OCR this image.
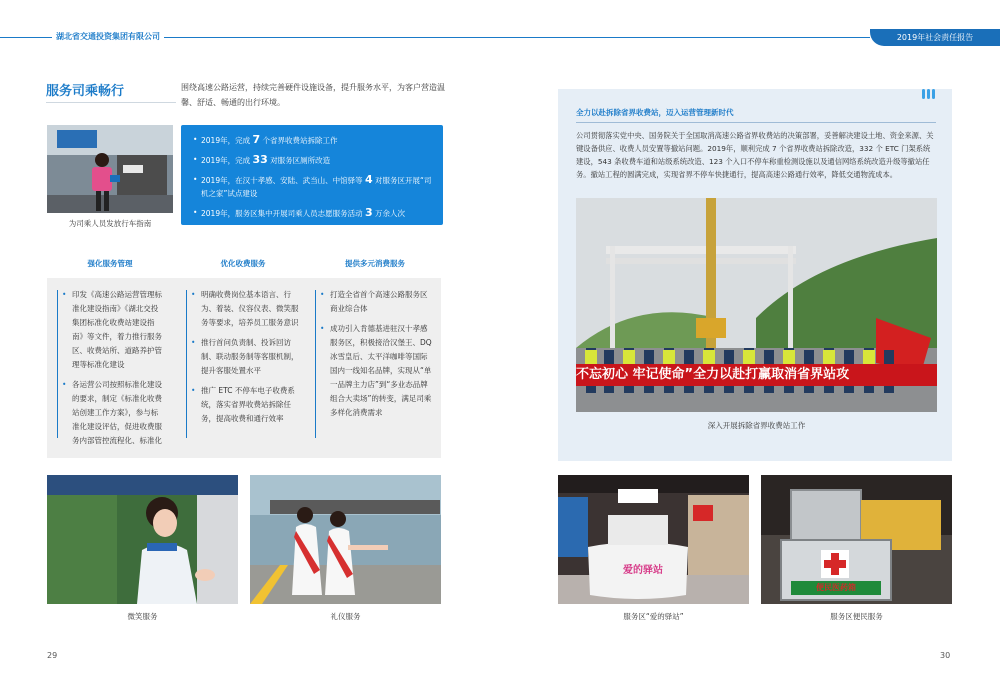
湖北省交通投资集团有限公司	2019年社会责任报告
服务司乘畅行	围绕高速公路运营，持续完善硬件设施设备，提升服务水平，为客户营造温馨、舒适、畅通的出行环境。
为司乘人员发放行车指南
• 2019年，完成 7 个省界收费站拆除工作
• 2019年，完成 33 对服务区厕所改造
• 2019年，在汉十孝感、安陆、武当山、中馆驿等 4 对服务区开展“司机之家”试点建设
• 2019年，服务区集中开展司乘人员志愿服务活动 3 万余人次
强化服务管理	优化收费服务	提供多元消费服务
• 印发《高速公路运营管理标准化建设指南》《湖北交投集团标准化收费站建设指南》等文件，着力推行服务区、收费站所、道路养护管理等标准化建设
• 各运营公司按照标准化建设的要求，制定《标准化收费站创建工作方案》，参与标准化建设评估，促进收费服务内部管控流程化、标准化
• 明确收费岗位基本语言、行为、着装、仪容仪表、微笑服务等要求，培养员工服务意识
• 推行首问负责制、投诉回访制、联动服务制等客服机制，提升客服处置水平
• 推广 ETC 不停车电子收费系统，落实省界收费站拆除任务，提高收费和通行效率
• 打造全省首个高速公路服务区商业综合体
• 成功引入肯德基进驻汉十孝感服务区，积极接洽汉堡王、DQ 冰雪皇后、太平洋咖啡等国际国内一线知名品牌，实现从“单一品牌主力店”到“多业态品牌组合大卖场”的转变，满足司乘多样化消费需求
微笑服务	礼仪服务
29
全力以赴拆除省界收费站，迈入运营管理新时代
公司贯彻落实党中央、国务院关于全国取消高速公路省界收费站的决策部署，妥善解决建设土地、资金来源、关键设备供应、收费人员安置等撤站问题。2019年，顺利完成 7 个省界收费站拆除改造，332 个 ETC 门架系统建设，543 条收费车道和站级系统改造、123 个入口不停车称重检测设施以及通信网络系统改造升级等撤站任务。撤站工程的圆满完成，实现省界不停车快捷通行，提高高速公路通行效率，降低交通物流成本。
不忘初心 牢记使命”全力以赴打赢取消省界站攻
深入开展拆除省界收费站工作
爱的驿站
便民医药箱
服务区“爱的驿站”	服务区便民服务
30
